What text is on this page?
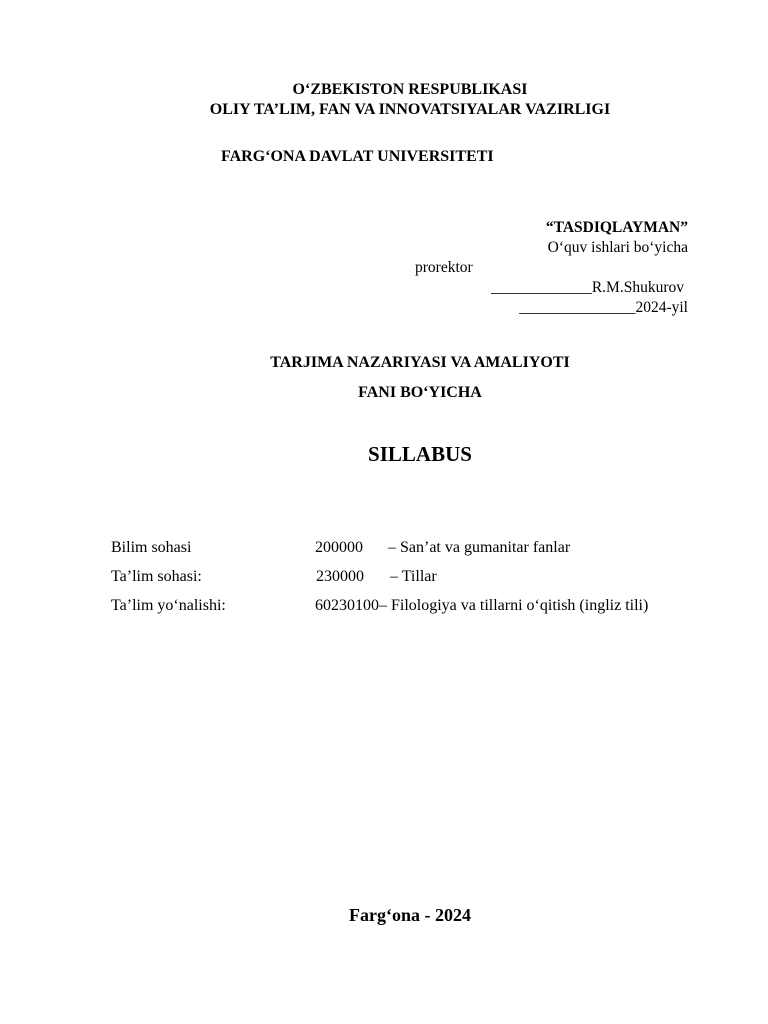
O‘ZBEKISTON RESPUBLIKASI
OLIY TA’LIM, FAN VA INNOVATSIYALAR VAZIRLIGI
FARG‘ONA DAVLAT UNIVERSITETI
“TASDIQLAYMAN”
O‘quv ishlari bo‘yicha
prorektor
_____________R.M.Shukurov
_______________2024-yil
TARJIMA NAZARIYASI VA AMALIYOTI
FANI BO‘YICHA
SILLABUS
Bilim sohasi	200000 – San’at va gumanitar fanlar
Ta’lim sohasi:	230000 – Tillar
Ta’lim yo‘nalishi:	60230100 – Filologiya va tillarni o‘qitish (ingliz tili)
Farg‘ona - 2024
